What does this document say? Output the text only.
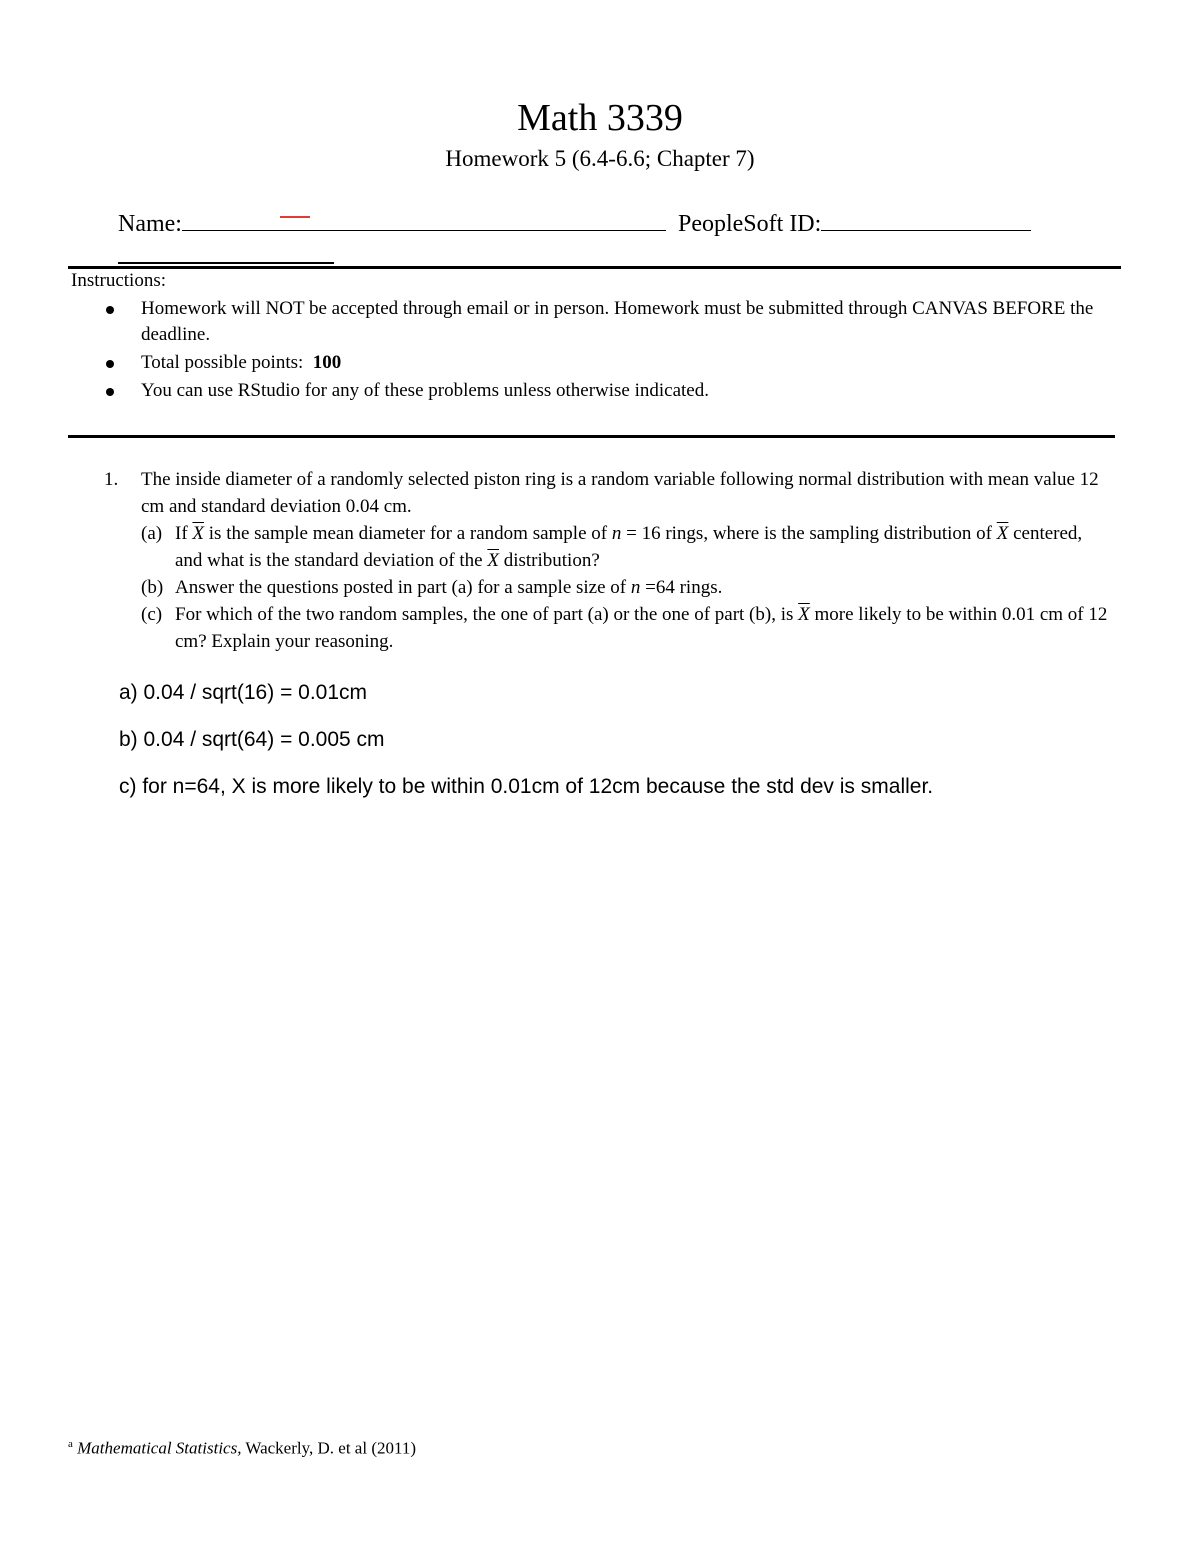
Math 3339
Homework 5 (6.4-6.6; Chapter 7)
Name:	PeopleSoft ID:
Instructions:
Homework will NOT be accepted through email or in person. Homework must be submitted through CANVAS BEFORE the deadline.
Total possible points: 100
You can use RStudio for any of these problems unless otherwise indicated.
1. The inside diameter of a randomly selected piston ring is a random variable following normal distribution with mean value 12 cm and standard deviation 0.04 cm.
(a) If $\overline{X}$ is the sample mean diameter for a random sample of n = 16 rings, where is the sampling distribution of $\overline{X}$ centered, and what is the standard deviation of the $\overline{X}$ distribution?
(b) Answer the questions posted in part (a) for a sample size of n =64 rings.
(c) For which of the two random samples, the one of part (a) or the one of part (b), is $\overline{X}$ more likely to be within 0.01 cm of 12 cm? Explain your reasoning.
a) 0.04 / sqrt(16) = 0.01cm
b) 0.04 / sqrt(64) = 0.005 cm
c) for n=64, X is more likely to be within 0.01cm of 12cm because the std dev is smaller.
$^a$ Mathematical Statistics, Wackerly, D. et al (2011)
